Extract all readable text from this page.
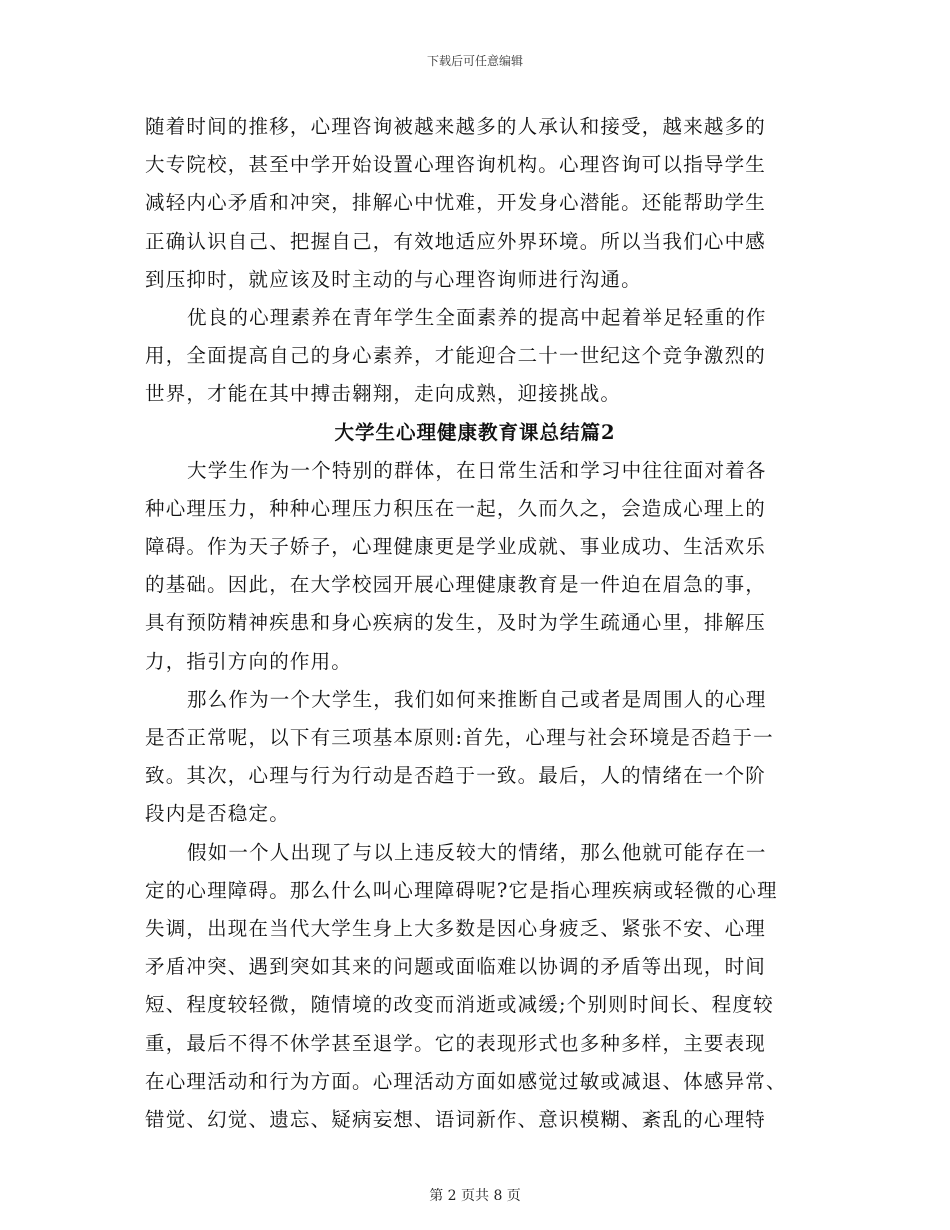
下载后可任意编辑
随着时间的推移，心理咨询被越来越多的人承认和接受，越来越多的
大专院校，甚至中学开始设置心理咨询机构。心理咨询可以指导学生
减轻内心矛盾和冲突，排解心中忧难，开发身心潜能。还能帮助学生
正确认识自己、把握自己，有效地适应外界环境。所以当我们心中感
到压抑时，就应该及时主动的与心理咨询师进行沟通。
优良的心理素养在青年学生全面素养的提高中起着举足轻重的作
用，全面提高自己的身心素养，才能迎合二十一世纪这个竞争激烈的
世界，才能在其中搏击翱翔，走向成熟，迎接挑战。
大学生心理健康教育课总结篇2
大学生作为一个特别的群体，在日常生活和学习中往往面对着各
种心理压力，种种心理压力积压在一起，久而久之，会造成心理上的
障碍。作为天子娇子，心理健康更是学业成就、事业成功、生活欢乐
的基础。因此，在大学校园开展心理健康教育是一件迫在眉急的事，
具有预防精神疾患和身心疾病的发生，及时为学生疏通心里，排解压
力，指引方向的作用。
那么作为一个大学生，我们如何来推断自己或者是周围人的心理
是否正常呢，以下有三项基本原则:首先，心理与社会环境是否趋于一
致。其次，心理与行为行动是否趋于一致。最后，人的情绪在一个阶
段内是否稳定。
假如一个人出现了与以上违反较大的情绪，那么他就可能存在一
定的心理障碍。那么什么叫心理障碍呢?它是指心理疾病或轻微的心理
失调，出现在当代大学生身上大多数是因心身疲乏、紧张不安、心理
矛盾冲突、遇到突如其来的问题或面临难以协调的矛盾等出现，时间
短、程度较轻微，随情境的改变而消逝或减缓;个别则时间长、程度较
重，最后不得不休学甚至退学。它的表现形式也多种多样，主要表现
在心理活动和行为方面。心理活动方面如感觉过敏或减退、体感异常、
错觉、幻觉、遗忘、疑病妄想、语词新作、意识模糊、紊乱的心理特
第 2 页共 8 页
